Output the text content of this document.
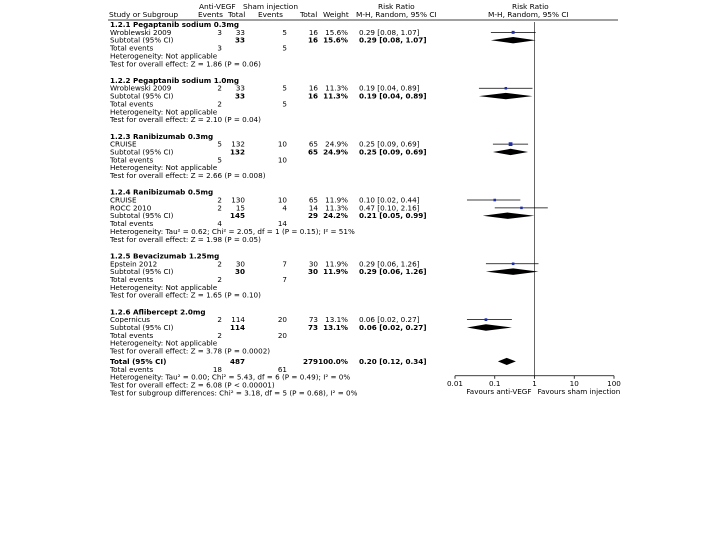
Anti-VEGF Sham injection	Risk Ratio	Risk Ratio
Study or Subgroup	Events Total Events Total Weight M-H, Random, 95% CI	M-H, Random, 95% CI
1.2.1 Pegaptanib sodium 0.3mg
Wroblewski 2009	3 33	5	16 15.6% 0.29 [0.08, 1.07]
Subtotal (95% CI)	33	16 15.6% 0.29 [0.08, 1.07]
Total events	3	5
Heterogeneity: Not applicable
Test for overall effect: Z = 1.86 (P = 0.06)
1.2.2 Pegaptanib sodium 1.0mg
Wroblewski 2009	2 33	5	16 11.3% 0.19 [0.04, 0.89]
Subtotal (95% CI)	33	16 11.3% 0.19 [0.04, 0.89]
Total events	2	5
Heterogeneity: Not applicable
Test for overall effect: Z = 2.10 (P = 0.04)
1.2.3 Ranibizumab 0.3mg
CRUISE	5 132	10	65 24.9% 0.25 [0.09, 0.69]
Subtotal (95% CI)	132	65 24.9% 0.25 [0.09, 0.69]
Total events	5	10
Heterogeneity: Not applicable
Test for overall effect: Z = 2.66 (P = 0.008)
1.2.4 Ranibizumab 0.5mg
CRUISE	2 130	10	65 11.9% 0.10 [0.02, 0.44]
ROCC 2010	2 15	4	14 11.3% 0.47 [0.10, 2.16]
Subtotal (95% CI)	145	29 24.2% 0.21 [0.05, 0.99]
Total events	4	14
Heterogeneity: Tau² = 0.62; Chi² = 2.05, df = 1 (P = 0.15); I² = 51%
Test for overall effect: Z = 1.98 (P = 0.05)
1.2.5 Bevacizumab 1.25mg
Epstein 2012	2 30	7	30 11.9% 0.29 [0.06, 1.26]
Subtotal (95% CI)	30	30 11.9% 0.29 [0.06, 1.26]
Total events	2	7
Heterogeneity: Not applicable
Test for overall effect: Z = 1.65 (P = 0.10)
1.2.6 Aflibercept 2.0mg
Copernicus	2 114	20	73 13.1% 0.06 [0.02, 0.27]
Subtotal (95% CI)	114	73 13.1% 0.06 [0.02, 0.27]
Total events	2	20
Heterogeneity: Not applicable
Test for overall effect: Z = 3.78 (P = 0.0002)
Total (95% CI)	487	279 100.0% 0.20 [0.12, 0.34]
Total events	18	61
Heterogeneity: Tau² = 0.00; Chi² = 5.43, df = 6 (P = 0.49); I² = 0%
Test for overall effect: Z = 6.08 (P < 0.00001)
Test for subgroup differences: Chi² = 3.18, df = 5 (P = 0.68), I² = 0%
0.01	0.1	1	10	100
Favours anti-VEGF Favours sham injection
